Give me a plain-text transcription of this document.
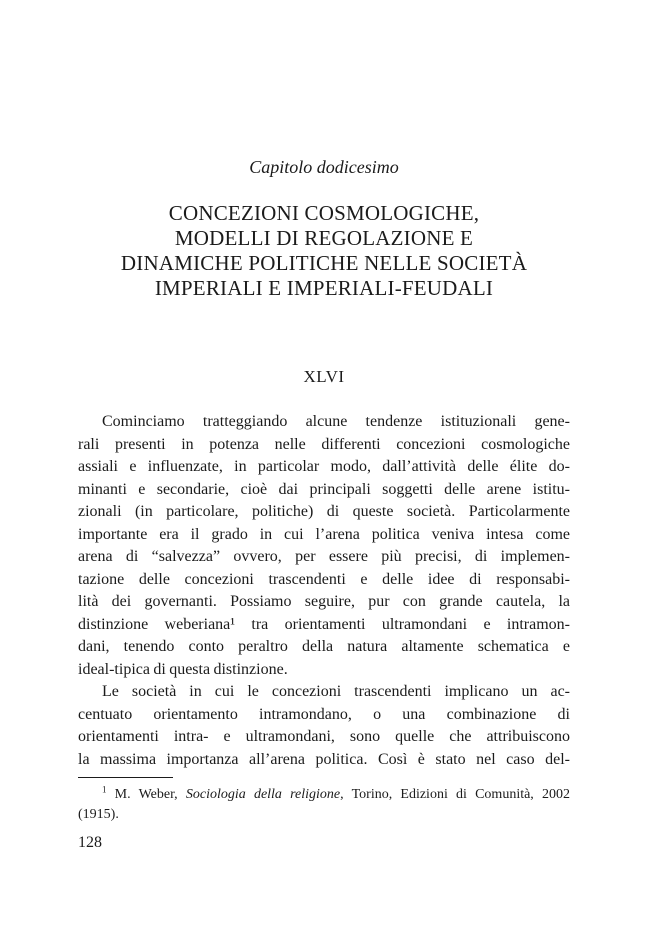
Capitolo dodicesimo
CONCEZIONI COSMOLOGICHE,
MODELLI DI REGOLAZIONE E
DINAMICHE POLITICHE NELLE SOCIETÀ
IMPERIALI E IMPERIALI-FEUDALI
XLVI
Cominciamo tratteggiando alcune tendenze istituzionali gene-
rali presenti in potenza nelle differenti concezioni cosmologiche
assiali e influenzate, in particolar modo, dall’attività delle élite do-
minanti e secondarie, cioè dai principali soggetti delle arene istitu-
zionali (in particolare, politiche) di queste società. Particolarmente
importante era il grado in cui l’arena politica veniva intesa come
arena di “salvezza” ovvero, per essere più precisi, di implemen-
tazione delle concezioni trascendenti e delle idee di responsabi-
lità dei governanti. Possiamo seguire, pur con grande cautela, la
distinzione weberiana¹ tra orientamenti ultramondani e intramon-
dani, tenendo conto peraltro della natura altamente schematica e
ideal-tipica di questa distinzione.
Le società in cui le concezioni trascendenti implicano un ac-
centuato orientamento intramondano, o una combinazione di
orientamenti intra- e ultramondani, sono quelle che attribuiscono
la massima importanza all’arena politica. Così è stato nel caso del-
$^1$ M. Weber, Sociologia della religione, Torino, Edizioni di Comunità, 2002
(1915).
128
